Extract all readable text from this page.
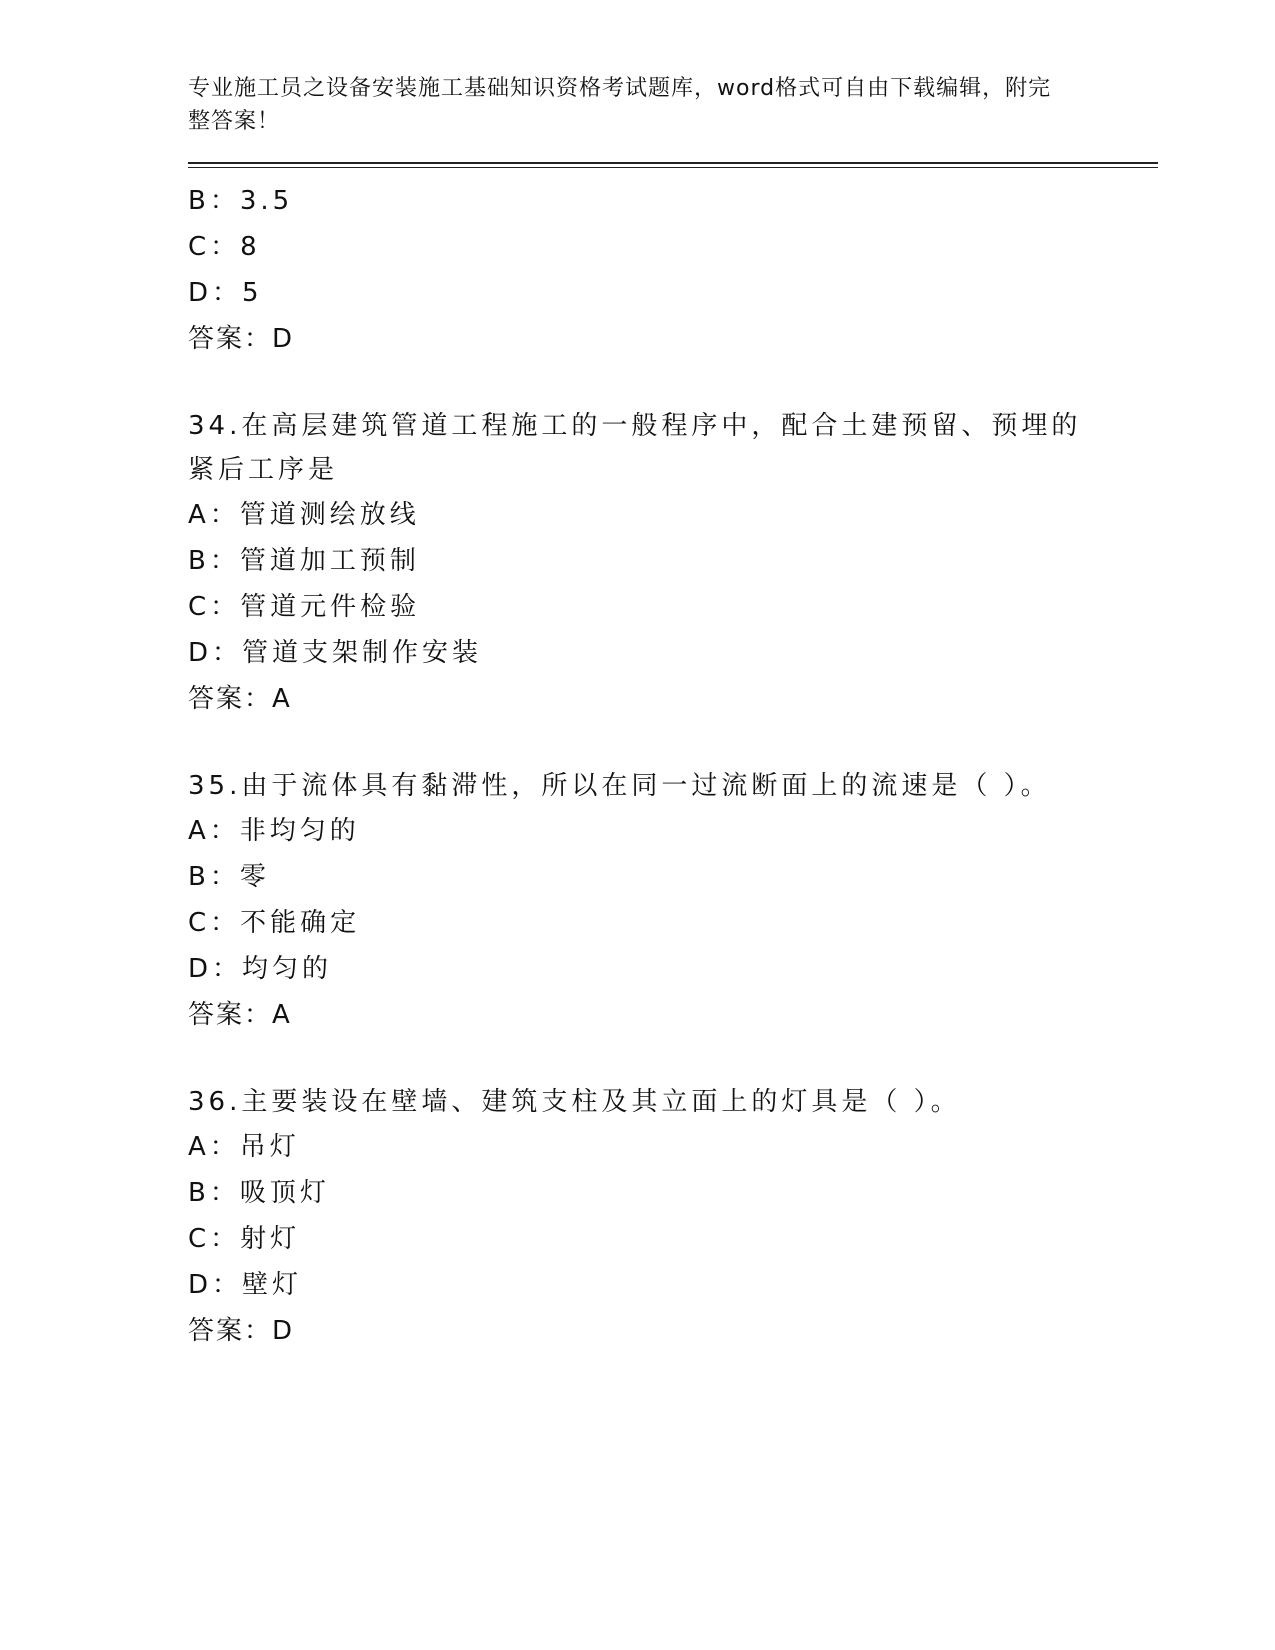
专业施工员之设备安装施工基础知识资格考试题库，word格式可自由下载编辑，附完整答案！
B：3.5
C：8
D：5
答案：D
34.在高层建筑管道工程施工的一般程序中，配合土建预留、预埋的紧后工序是
A：管道测绘放线
B：管道加工预制
C：管道元件检验
D：管道支架制作安装
答案：A
35.由于流体具有黏滞性，所以在同一过流断面上的流速是（ ）。
A：非均匀的
B：零
C：不能确定
D：均匀的
答案：A
36.主要装设在壁墙、建筑支柱及其立面上的灯具是（ ）。
A：吊灯
B：吸顶灯
C：射灯
D：壁灯
答案：D
